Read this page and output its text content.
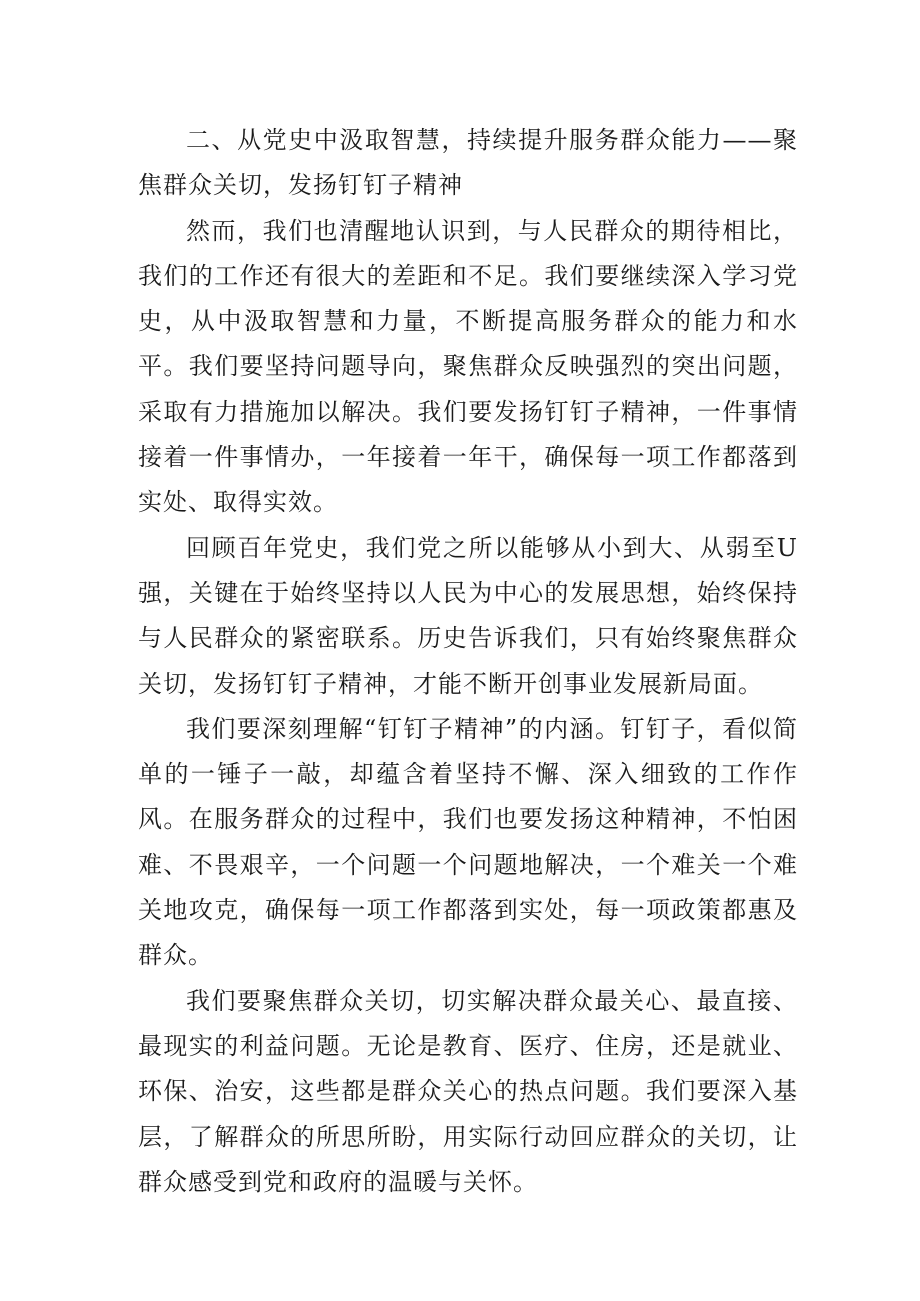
二、从党史中汲取智慧，持续提升服务群众能力——聚焦群众关切，发扬钉钉子精神

然而，我们也清醒地认识到，与人民群众的期待相比，我们的工作还有很大的差距和不足。我们要继续深入学习党史，从中汲取智慧和力量，不断提高服务群众的能力和水平。我们要坚持问题导向，聚焦群众反映强烈的突出问题，采取有力措施加以解决。我们要发扬钉钉子精神，一件事情接着一件事情办，一年接着一年干，确保每一项工作都落到实处、取得实效。

回顾百年党史，我们党之所以能够从小到大、从弱至U强，关键在于始终坚持以人民为中心的发展思想，始终保持与人民群众的紧密联系。历史告诉我们，只有始终聚焦群众关切，发扬钉钉子精神，才能不断开创事业发展新局面。

我们要深刻理解“钉钉子精神”的内涵。钉钉子，看似简单的一锤子一敲，却蕴含着坚持不懈、深入细致的工作作风。在服务群众的过程中，我们也要发扬这种精神，不怕困难、不畏艰辛，一个问题一个问题地解决，一个难关一个难关地攻克，确保每一项工作都落到实处，每一项政策都惠及群众。

我们要聚焦群众关切，切实解决群众最关心、最直接、最现实的利益问题。无论是教育、医疗、住房，还是就业、环保、治安，这些都是群众关心的热点问题。我们要深入基层，了解群众的所思所盼，用实际行动回应群众的关切，让群众感受到党和政府的温暖与关怀。
